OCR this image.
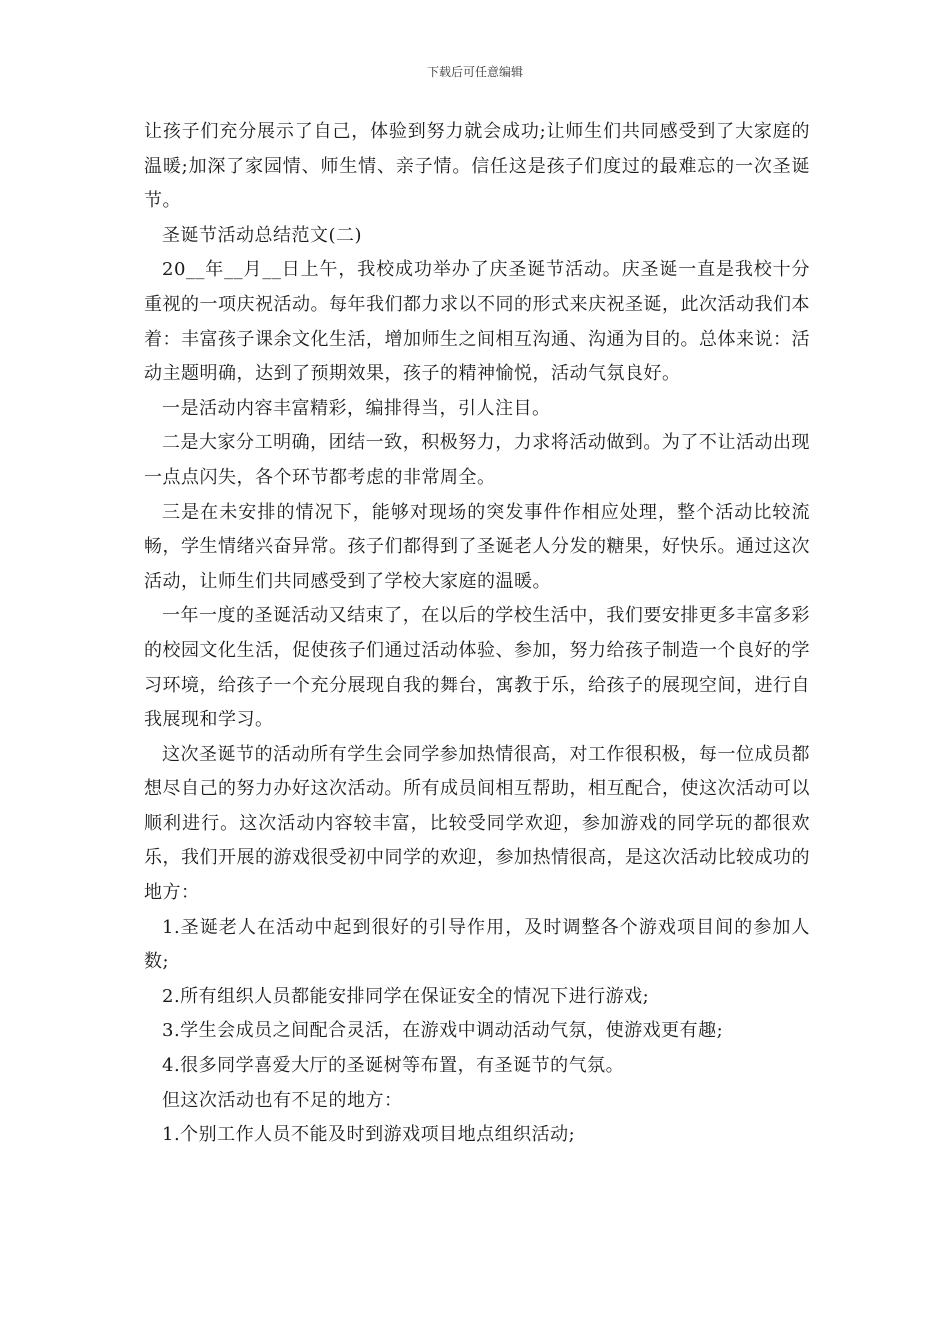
下载后可任意编辑

让孩子们充分展示了自己，体验到努力就会成功;让师生们共同感受到了大家庭的温暖;加深了家园情、师生情、亲子情。信任这是孩子们度过的最难忘的一次圣诞节。

圣诞节活动总结范文(二)

20__年__月__日上午，我校成功举办了庆圣诞节活动。庆圣诞一直是我校十分重视的一项庆祝活动。每年我们都力求以不同的形式来庆祝圣诞，此次活动我们本着：丰富孩子课余文化生活，增加师生之间相互沟通、沟通为目的。总体来说：活动主题明确，达到了预期效果，孩子的精神愉悦，活动气氛良好。

一是活动内容丰富精彩，编排得当，引人注目。

二是大家分工明确，团结一致，积极努力，力求将活动做到。为了不让活动出现一点点闪失，各个环节都考虑的非常周全。

三是在未安排的情况下，能够对现场的突发事件作相应处理，整个活动比较流畅，学生情绪兴奋异常。孩子们都得到了圣诞老人分发的糖果，好快乐。通过这次活动，让师生们共同感受到了学校大家庭的温暖。

一年一度的圣诞活动又结束了，在以后的学校生活中，我们要安排更多丰富多彩的校园文化生活，促使孩子们通过活动体验、参加，努力给孩子制造一个良好的学习环境，给孩子一个充分展现自我的舞台，寓教于乐，给孩子的展现空间，进行自我展现和学习。

这次圣诞节的活动所有学生会同学参加热情很高，对工作很积极，每一位成员都想尽自己的努力办好这次活动。所有成员间相互帮助，相互配合，使这次活动可以顺利进行。这次活动内容较丰富，比较受同学欢迎，参加游戏的同学玩的都很欢乐，我们开展的游戏很受初中同学的欢迎，参加热情很高，是这次活动比较成功的地方：

1.圣诞老人在活动中起到很好的引导作用，及时调整各个游戏项目间的参加人数;

2.所有组织人员都能安排同学在保证安全的情况下进行游戏;

3.学生会成员之间配合灵活，在游戏中调动活动气氛，使游戏更有趣;

4.很多同学喜爱大厅的圣诞树等布置，有圣诞节的气氛。

但这次活动也有不足的地方：

1.个别工作人员不能及时到游戏项目地点组织活动;
